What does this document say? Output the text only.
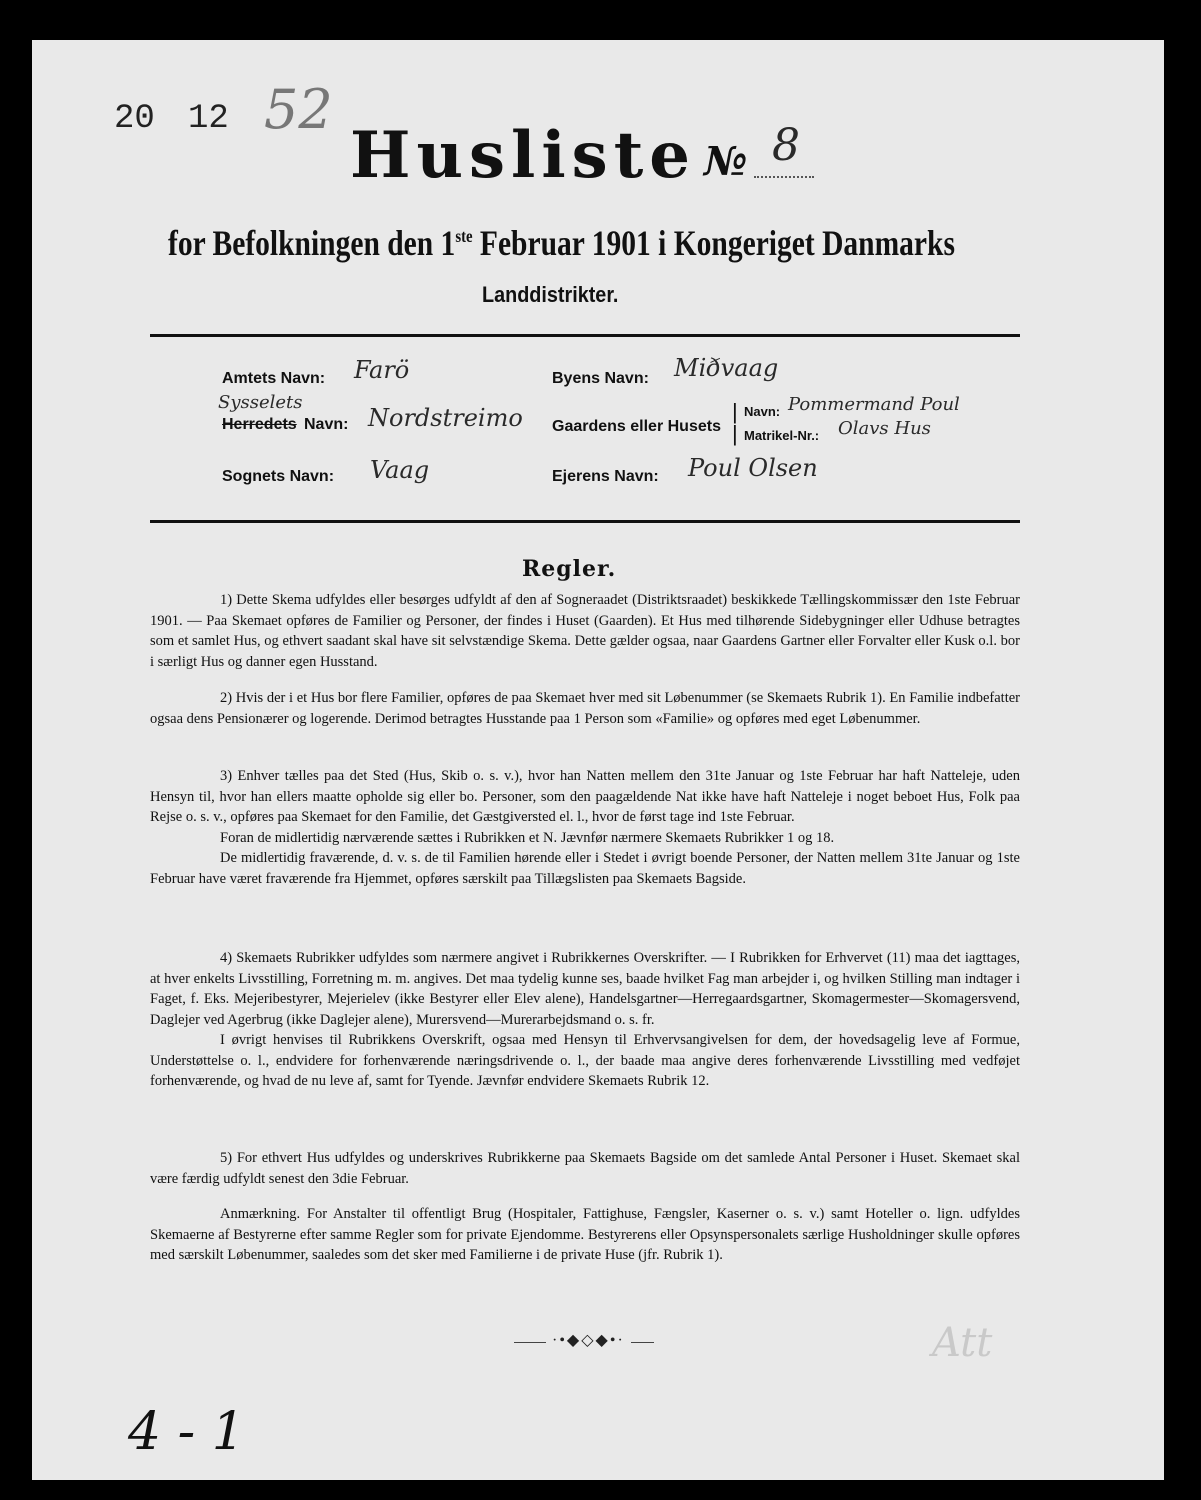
20 12 52
Husliste № 8
for Befolkningen den 1ste Februar 1901 i Kongeriget Danmarks
Landdistrikter.
Amtets Navn: Farö
Sysselets
Herredets Navn: Nordstreimo
Sognets Navn: Vaag
Byens Navn: Miðvaag
Gaardens eller Husets
|
|
Navn: Pommermand Poul
Matrikel-Nr.: Olavs Hus
Ejerens Navn: Poul Olsen
Regler.

1) Dette Skema udfyldes eller besørges udfyldt af den af Sogneraadet (Distriktsraadet) beskikkede Tællingskommissær den 1ste Februar 1901. — Paa Skemaet opføres de Familier og Personer, der findes i Huset (Gaarden). Et Hus med tilhørende Sidebygninger eller Udhuse betragtes som et samlet Hus, og ethvert saadant skal have sit selvstændige Skema. Dette gælder ogsaa, naar Gaardens Gartner eller Forvalter eller Kusk o.l. bor i særligt Hus og danner egen Husstand.

2) Hvis der i et Hus bor flere Familier, opføres de paa Skemaet hver med sit Løbenummer (se Skemaets Rubrik 1). En Familie indbefatter ogsaa dens Pensionærer og logerende. Derimod betragtes Husstande paa 1 Person som «Familie» og opføres med eget Løbenummer.

3) Enhver tælles paa det Sted (Hus, Skib o. s. v.), hvor han Natten mellem den 31te Januar og 1ste Februar har haft Natteleje, uden Hensyn til, hvor han ellers maatte opholde sig eller bo. Personer, som den paagældende Nat ikke have haft Natteleje i noget beboet Hus, Folk paa Rejse o. s. v., opføres paa Skemaet for den Familie, det Gæstgiversted el. l., hvor de først tage ind 1ste Februar.

Foran de midlertidig nærværende sættes i Rubrikken et N. Jævnfør nærmere Skemaets Rubrikker 1 og 18.

De midlertidig fraværende, d. v. s. de til Familien hørende eller i Stedet i øvrigt boende Personer, der Natten mellem 31te Januar og 1ste Februar have været fraværende fra Hjemmet, opføres særskilt paa Tillægslisten paa Skemaets Bagside.

4) Skemaets Rubrikker udfyldes som nærmere angivet i Rubrikkernes Overskrifter. — I Rubrikken for Erhvervet (11) maa det iagttages, at hver enkelts Livsstilling, Forretning m. m. angives. Det maa tydelig kunne ses, baade hvilket Fag man arbejder i, og hvilken Stilling man indtager i Faget, f. Eks. Mejeribestyrer, Mejerielev (ikke Bestyrer eller Elev alene), Handelsgartner—Herregaardsgartner, Skomagermester—Skomagersvend, Daglejer ved Agerbrug (ikke Daglejer alene), Murersvend—Murerarbejdsmand o. s. fr.

I øvrigt henvises til Rubrikkens Overskrift, ogsaa med Hensyn til Erhvervsangivelsen for dem, der hovedsagelig leve af Formue, Understøttelse o. l., endvidere for forhenværende næringsdrivende o. l., der baade maa angive deres forhenværende Livsstilling med vedføjet forhenværende, og hvad de nu leve af, samt for Tyende. Jævnfør endvidere Skemaets Rubrik 12.

5) For ethvert Hus udfyldes og underskrives Rubrikkerne paa Skemaets Bagside om det samlede Antal Personer i Huset. Skemaet skal være færdig udfyldt senest den 3die Februar.

Anmærkning. For Anstalter til offentligt Brug (Hospitaler, Fattighuse, Fængsler, Kaserner o. s. v.) samt Hoteller o. lign. udfyldes Skemaerne af Bestyrerne efter samme Regler som for private Ejendomme. Bestyrerens eller Opsynspersonalets særlige Husholdninger skulle opføres med særskilt Løbenummer, saaledes som det sker med Familierne i de private Huse (jfr. Rubrik 1).

·•◆◇◆•·
4 - 1
Att
